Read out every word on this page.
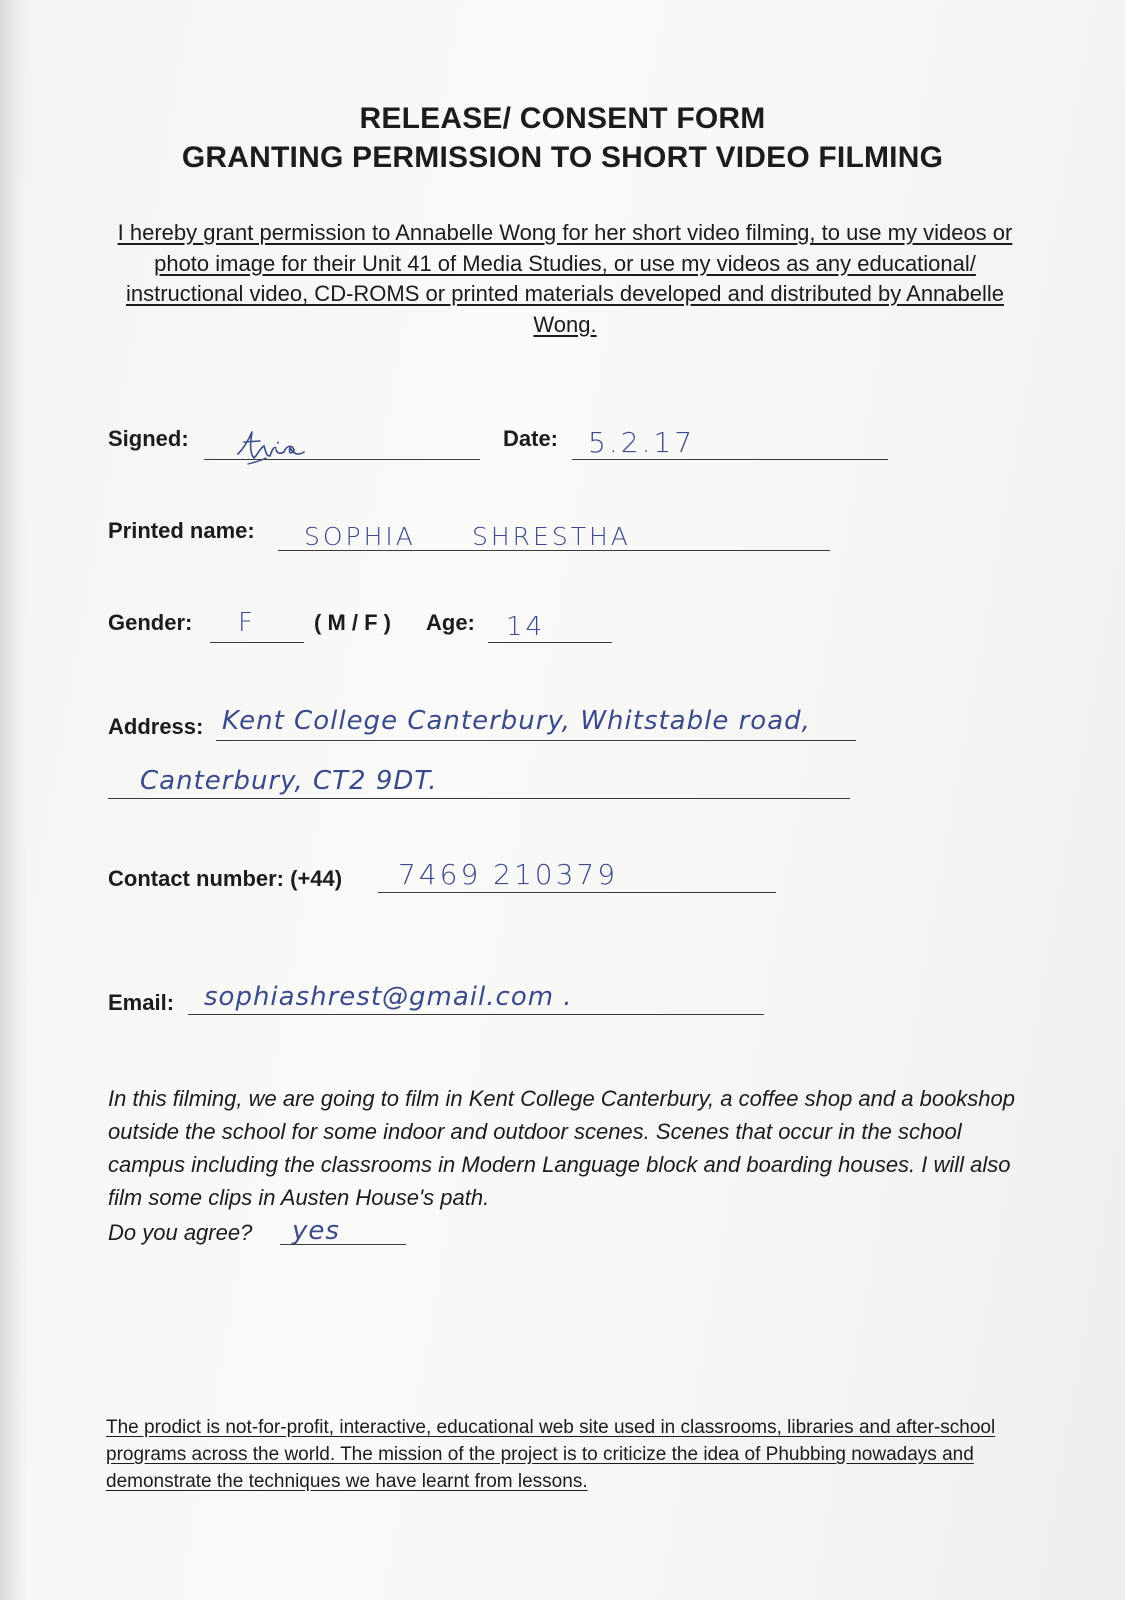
RELEASE/ CONSENT FORM
GRANTING PERMISSION TO SHORT VIDEO FILMING
I hereby grant permission to Annabelle Wong for her short video filming, to use my videos or photo image for their Unit 41 of Media Studies, or use my videos as any educational/ instructional video, CD-ROMS or printed materials developed and distributed by Annabelle Wong.
Signed:	Date: 5.2.17
Printed name: SOPHIA SHRESTHA
Gender: F	( M / F ) Age: 14
Address: Kent College Canterbury, Whitstable road,
Canterbury, CT2 9DT.
Contact number: (+44) 7469 210379
Email: sophiashrest@gmail.com .
In this filming, we are going to film in Kent College Canterbury, a coffee shop and a bookshop outside the school for some indoor and outdoor scenes. Scenes that occur in the school campus including the classrooms in Modern Language block and boarding houses. I will also film some clips in Austen House's path.
Do you agree? yes
The prodict is not-for-profit, interactive, educational web site used in classrooms, libraries and after-school programs across the world. The mission of the project is to criticize the idea of Phubbing nowadays and demonstrate the techniques we have learnt from lessons.
